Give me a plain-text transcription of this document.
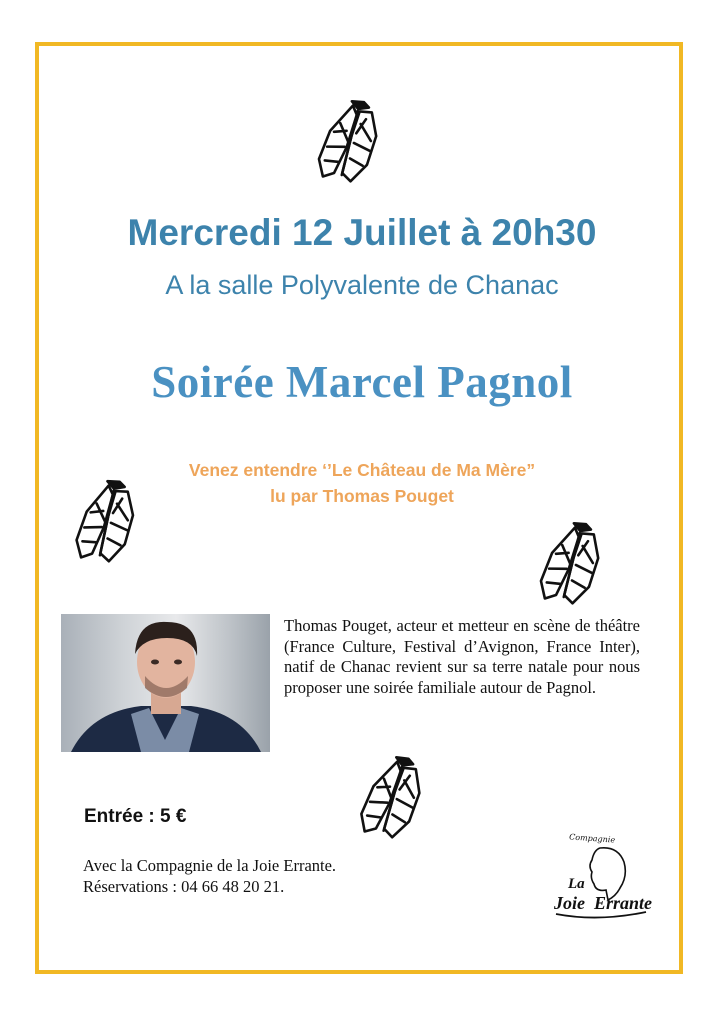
Mercredi 12 Juillet à 20h30
A la salle Polyvalente de Chanac
Soirée Marcel Pagnol
Venez entendre ‘’Le Château de Ma Mère”
lu par Thomas Pouget
Thomas Pouget, acteur et metteur en scène de théâtre (France Culture, Festival d’Avignon, France Inter), natif de Chanac revient sur sa terre natale pour nous proposer une soirée familiale autour de Pagnol.
Entrée : 5 €
Avec la Compagnie de la Joie Errante.
Réservations : 04 66 48 20 21.
Compagnie
La
Joie Errante
